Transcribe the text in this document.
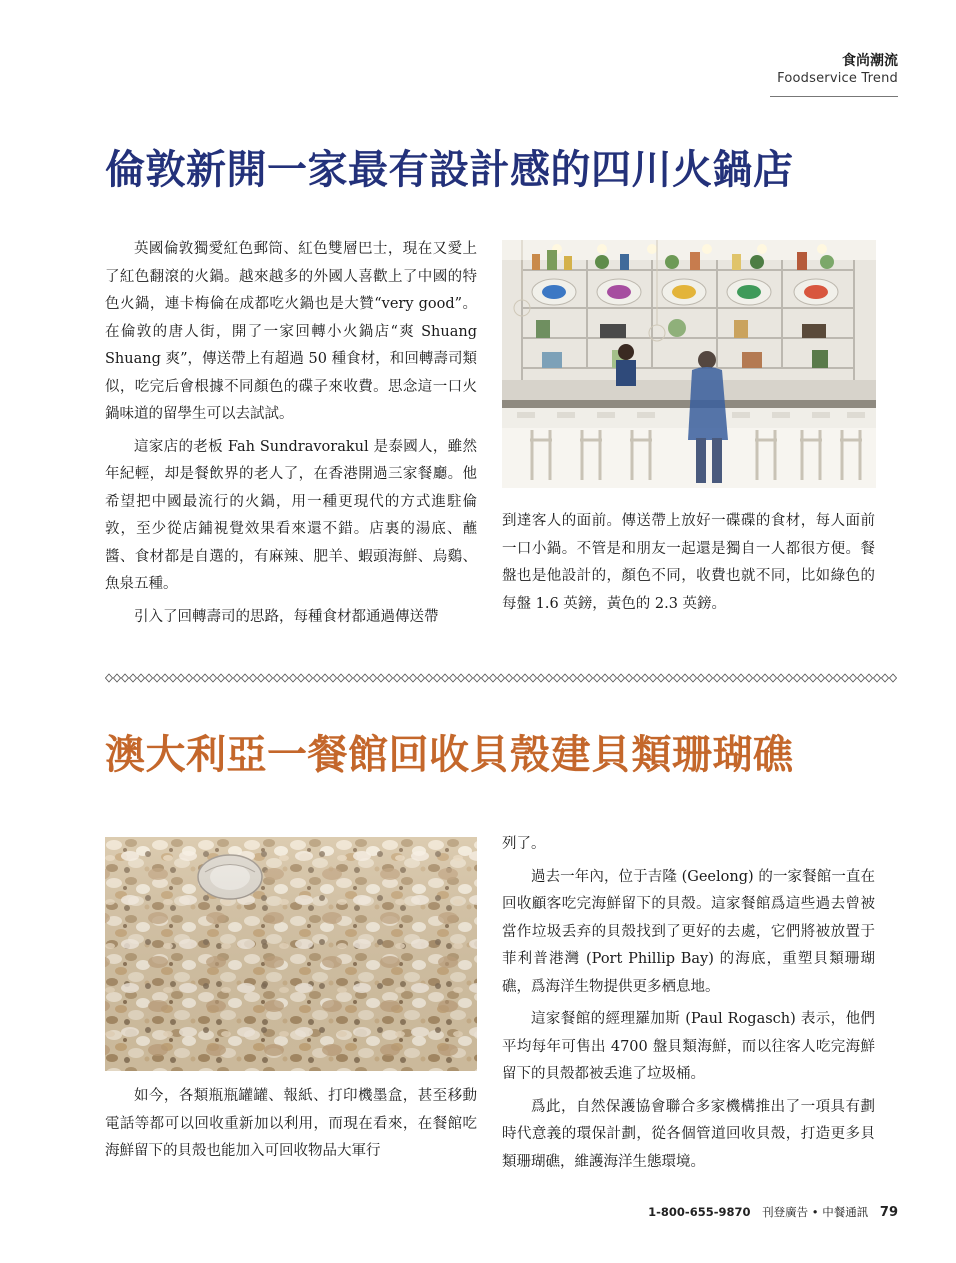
食尚潮流
Foodservice Trend
倫敦新開一家最有設計感的四川火鍋店

英國倫敦獨愛紅色郵筒、紅色雙層巴士，現在又愛上了紅色翻滾的火鍋。越來越多的外國人喜歡上了中國的特色火鍋，連卡梅倫在成都吃火鍋也是大贊“very good”。在倫敦的唐人街，開了一家回轉小火鍋店“爽 Shuang Shuang 爽”，傳送帶上有超過 50 種食材，和回轉壽司類似，吃完后會根據不同顏色的碟子來收費。思念這一口火鍋味道的留學生可以去試試。

這家店的老板 Fah Sundravorakul 是泰國人，雖然年紀輕，却是餐飲界的老人了，在香港開過三家餐廳。他希望把中國最流行的火鍋，用一種更現代的方式進駐倫敦，至少從店鋪視覺效果看來還不錯。店裏的湯底、蘸醬、食材都是自選的，有麻辣、肥羊、蝦頭海鮮、烏鷄、魚泉五種。

引入了回轉壽司的思路，每種食材都通過傳送帶

到達客人的面前。傳送帶上放好一碟碟的食材，每人面前一口小鍋。不管是和朋友一起還是獨自一人都很方便。餐盤也是他設計的，顏色不同，收費也就不同，比如綠色的每盤 1.6 英鎊，黃色的 2.3 英鎊。

澳大利亞一餐館回收貝殼建貝類珊瑚礁

如今，各類瓶瓶罐罐、報紙、打印機墨盒，甚至移動電話等都可以回收重新加以利用，而現在看來，在餐館吃海鮮留下的貝殼也能加入可回收物品大軍行

列了。

過去一年內，位于吉隆 (Geelong) 的一家餐館一直在回收顧客吃完海鮮留下的貝殼。這家餐館爲這些過去曾被當作垃圾丢弃的貝殼找到了更好的去處，它們將被放置于菲利普港灣 (Port Phillip Bay) 的海底，重塑貝類珊瑚礁，爲海洋生物提供更多栖息地。

這家餐館的經理羅加斯 (Paul Rogasch) 表示，他們平均每年可售出 4700 盤貝類海鮮，而以往客人吃完海鮮留下的貝殼都被丢進了垃圾桶。

爲此，自然保護協會聯合多家機構推出了一項具有劃時代意義的環保計劃，從各個管道回收貝殼，打造更多貝類珊瑚礁，維護海洋生態環境。

1-800-655-9870 刊登廣告 • 中餐通訊 79
